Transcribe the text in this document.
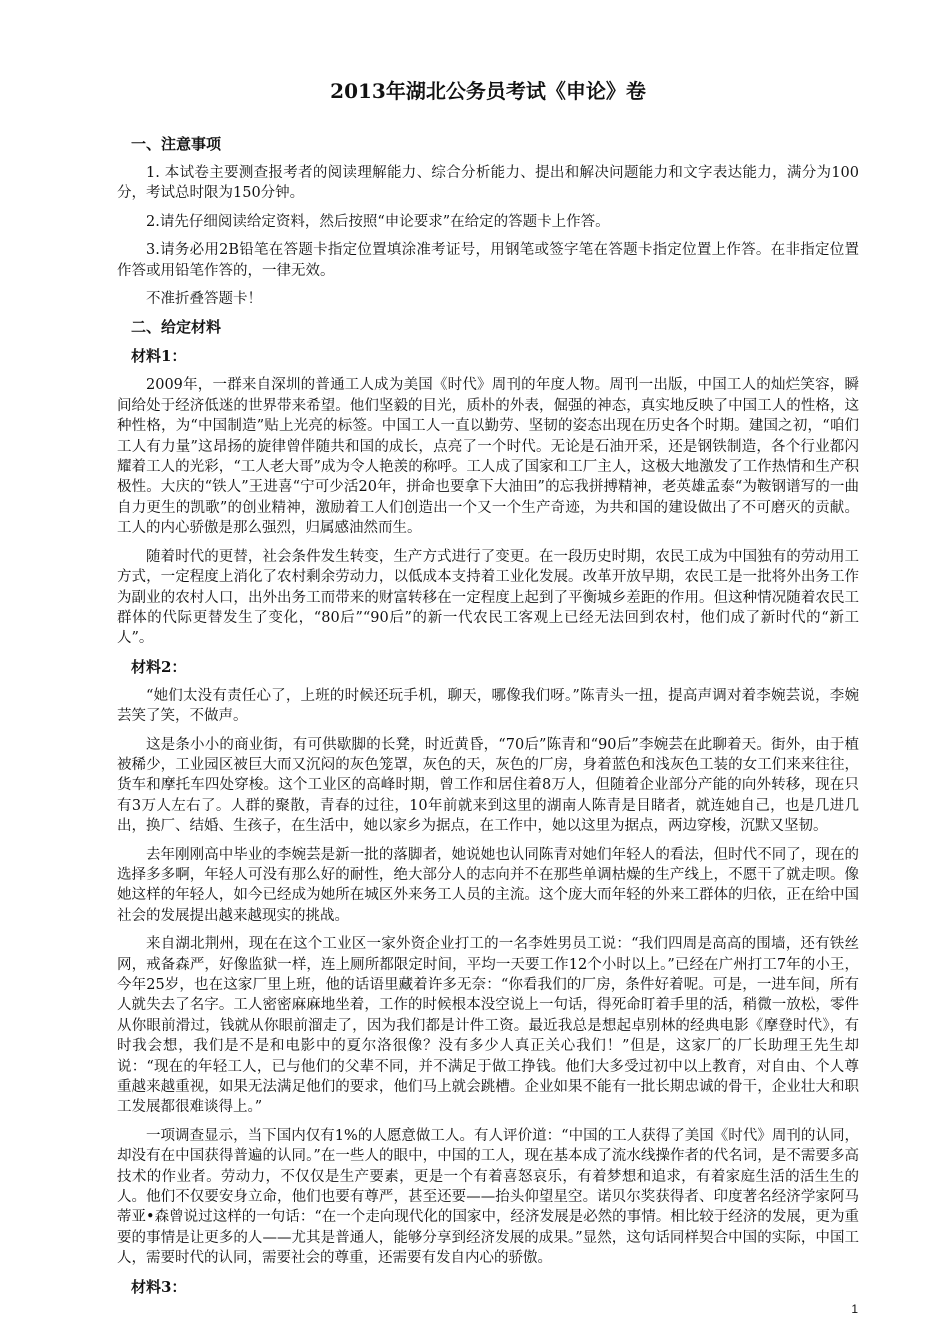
2013年湖北公务员考试《申论》卷
一、注意事项

1. 本试卷主要测查报考者的阅读理解能力、综合分析能力、提出和解决问题能力和文字表达能力，满分为100分，考试总时限为150分钟。

2.请先仔细阅读给定资料，然后按照“申论要求”在给定的答题卡上作答。

3.请务必用2B铅笔在答题卡指定位置填涂准考证号，用钢笔或签字笔在答题卡指定位置上作答。在非指定位置作答或用铅笔作答的，一律无效。

不准折叠答题卡！

二、给定材料
材料1：

2009年，一群来自深圳的普通工人成为美国《时代》周刊的年度人物。周刊一出版，中国工人的灿烂笑容，瞬间给处于经济低迷的世界带来希望。他们坚毅的目光，质朴的外表，倔强的神态，真实地反映了中国工人的性格，这种性格，为“中国制造”贴上光亮的标签。中国工人一直以勤劳、坚韧的姿态出现在历史各个时期。建国之初，“咱们工人有力量”这昂扬的旋律曾伴随共和国的成长，点亮了一个时代。无论是石油开采，还是钢铁制造，各个行业都闪耀着工人的光彩，“工人老大哥”成为令人艳羡的称呼。工人成了国家和工厂主人，这极大地激发了工作热情和生产积极性。大庆的“铁人”王进喜“宁可少活20年，拼命也要拿下大油田”的忘我拼搏精神，老英雄孟泰“为鞍钢谱写的一曲自力更生的凯歌”的创业精神，激励着工人们创造出一个又一个生产奇迹，为共和国的建设做出了不可磨灭的贡献。工人的内心骄傲是那么强烈，归属感油然而生。

随着时代的更替，社会条件发生转变，生产方式进行了变更。在一段历史时期，农民工成为中国独有的劳动用工方式，一定程度上消化了农村剩余劳动力，以低成本支持着工业化发展。改革开放早期，农民工是一批将外出务工作为副业的农村人口，出外出务工而带来的财富转移在一定程度上起到了平衡城乡差距的作用。但这种情况随着农民工群体的代际更替发生了变化，“80后”“90后”的新一代农民工客观上已经无法回到农村，他们成了新时代的“新工人”。

材料2：

“她们太没有责任心了，上班的时候还玩手机，聊天，哪像我们呀。”陈青头一扭，提高声调对着李婉芸说，李婉芸笑了笑，不做声。

这是条小小的商业街，有可供歇脚的长凳，时近黄昏，“70后”陈青和“90后”李婉芸在此聊着天。街外，由于植被稀少，工业园区被巨大而又沉闷的灰色笼罩，灰色的天，灰色的厂房，身着蓝色和浅灰色工装的女工们来来往往，货车和摩托车四处穿梭。这个工业区的高峰时期，曾工作和居住着8万人，但随着企业部分产能的向外转移，现在只有3万人左右了。人群的聚散，青春的过往，10年前就来到这里的湖南人陈青是目睹者，就连她自己，也是几进几出，换厂、结婚、生孩子，在生活中，她以家乡为据点，在工作中，她以这里为据点，两边穿梭，沉默又坚韧。

去年刚刚高中毕业的李婉芸是新一批的落脚者，她说她也认同陈青对她们年轻人的看法，但时代不同了，现在的选择多多啊，年轻人可没有那么好的耐性，绝大部分人的志向并不在那些单调枯燥的生产线上，不愿干了就走呗。像她这样的年轻人，如今已经成为她所在城区外来务工人员的主流。这个庞大而年轻的外来工群体的归依，正在给中国社会的发展提出越来越现实的挑战。

来自湖北荆州，现在在这个工业区一家外资企业打工的一名李姓男员工说：“我们四周是高高的围墙，还有铁丝网，戒备森严，好像监狱一样，连上厕所都限定时间，平均一天要工作12个小时以上。”已经在广州打工7年的小王，今年25岁，也在这家厂里上班，他的话语里藏着许多无奈：“你看我们的厂房，条件好着呢。可是，一进车间，所有人就失去了名字。工人密密麻麻地坐着，工作的时候根本没空说上一句话，得死命盯着手里的活，稍微一放松，零件从你眼前滑过，钱就从你眼前溜走了，因为我们都是计件工资。最近我总是想起卓别林的经典电影《摩登时代》，有时我会想，我们是不是和电影中的夏尔洛很像？没有多少人真正关心我们！”但是，这家厂的厂长助理王先生却说：“现在的年轻工人，已与他们的父辈不同，并不满足于做工挣钱。他们大多受过初中以上教育，对自由、个人尊重越来越重视，如果无法满足他们的要求，他们马上就会跳槽。企业如果不能有一批长期忠诚的骨干，企业壮大和职工发展都很难谈得上。”

一项调查显示，当下国内仅有1%的人愿意做工人。有人评价道：“中国的工人获得了美国《时代》周刊的认同，却没有在中国获得普遍的认同。”在一些人的眼中，中国的工人，现在基本成了流水线操作者的代名词，是不需要多高技术的作业者。劳动力，不仅仅是生产要素，更是一个有着喜怒哀乐，有着梦想和追求，有着家庭生活的活生生的人。他们不仅要安身立命，他们也要有尊严，甚至还要——抬头仰望星空。诺贝尔奖获得者、印度著名经济学家阿马蒂亚•森曾说过这样的一句话：“在一个走向现代化的国家中，经济发展是必然的事情。相比较于经济的发展，更为重要的事情是让更多的人——尤其是普通人，能够分享到经济发展的成果。”显然，这句话同样契合中国的实际，中国工人，需要时代的认同，需要社会的尊重，还需要有发自内心的骄傲。

材料3：
1
